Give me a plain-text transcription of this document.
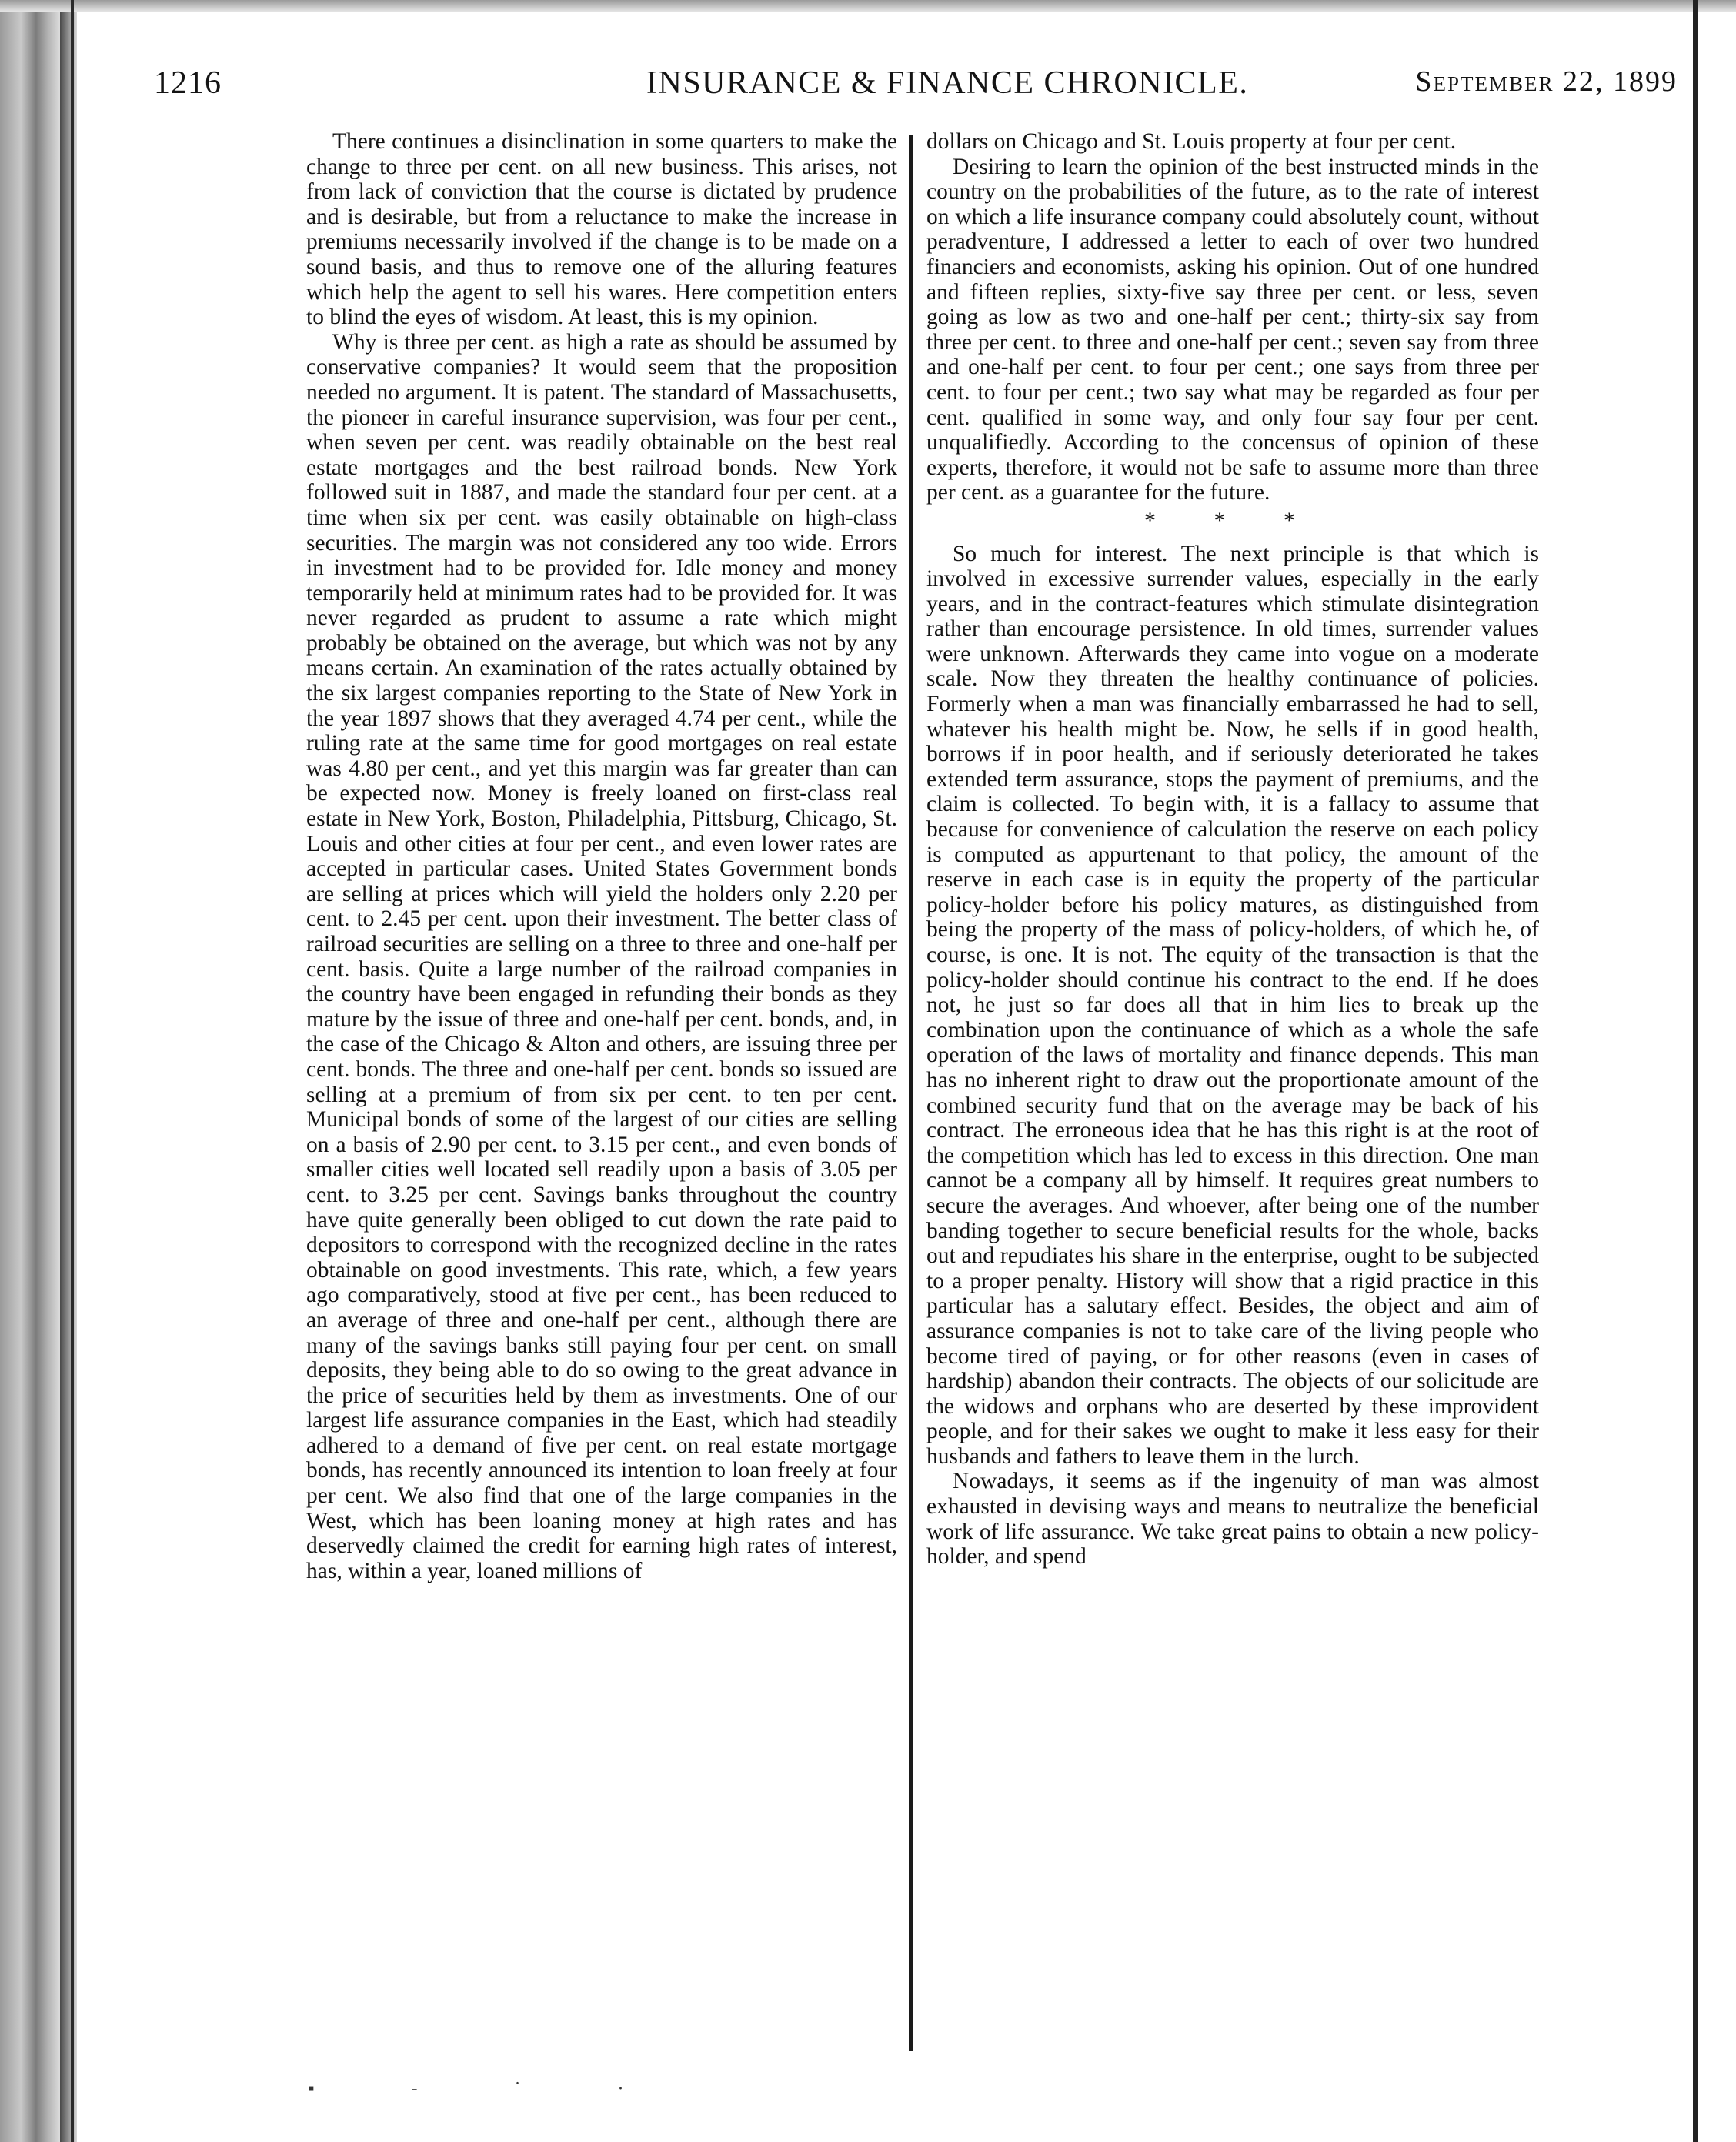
1216	INSURANCE & FINANCE CHRONICLE.	September 22, 1899

There continues a disinclination in some quarters to make the change to three per cent. on all new business. This arises, not from lack of conviction that the course is dictated by prudence and is desirable, but from a reluctance to make the increase in premiums necessarily involved if the change is to be made on a sound basis, and thus to remove one of the alluring features which help the agent to sell his wares. Here competition enters to blind the eyes of wisdom. At least, this is my opinion.

Why is three per cent. as high a rate as should be assumed by conservative companies? It would seem that the proposition needed no argument. It is patent. The standard of Massachusetts, the pioneer in careful insurance supervision, was four per cent., when seven per cent. was readily obtainable on the best real estate mortgages and the best railroad bonds. New York followed suit in 1887, and made the standard four per cent. at a time when six per cent. was easily obtainable on high-class securities. The margin was not considered any too wide. Errors in investment had to be provided for. Idle money and money temporarily held at minimum rates had to be provided for. It was never regarded as prudent to assume a rate which might probably be obtained on the average, but which was not by any means certain. An examination of the rates actually obtained by the six largest companies reporting to the State of New York in the year 1897 shows that they averaged 4.74 per cent., while the ruling rate at the same time for good mortgages on real estate was 4.80 per cent., and yet this margin was far greater than can be expected now. Money is freely loaned on first-class real estate in New York, Boston, Philadelphia, Pittsburg, Chicago, St. Louis and other cities at four per cent., and even lower rates are accepted in particular cases. United States Government bonds are selling at prices which will yield the holders only 2.20 per cent. to 2.45 per cent. upon their investment. The better class of railroad securities are selling on a three to three and one-half per cent. basis. Quite a large number of the railroad companies in the country have been engaged in refunding their bonds as they mature by the issue of three and one-half per cent. bonds, and, in the case of the Chicago & Alton and others, are issuing three per cent. bonds. The three and one-half per cent. bonds so issued are selling at a premium of from six per cent. to ten per cent. Municipal bonds of some of the largest of our cities are selling on a basis of 2.90 per cent. to 3.15 per cent., and even bonds of smaller cities well located sell readily upon a basis of 3.05 per cent. to 3.25 per cent. Savings banks throughout the country have quite generally been obliged to cut down the rate paid to depositors to correspond with the recognized decline in the rates obtainable on good investments. This rate, which, a few years ago comparatively, stood at five per cent., has been reduced to an average of three and one-half per cent., although there are many of the savings banks still paying four per cent. on small deposits, they being able to do so owing to the great advance in the price of securities held by them as investments. One of our largest life assurance companies in the East, which had steadily adhered to a demand of five per cent. on real estate mortgage bonds, has recently announced its intention to loan freely at four per cent. We also find that one of the large companies in the West, which has been loaning money at high rates and has deservedly claimed the credit for earning high rates of interest, has, within a year, loaned millions of

dollars on Chicago and St. Louis property at four per cent.

Desiring to learn the opinion of the best instructed minds in the country on the probabilities of the future, as to the rate of interest on which a life insurance company could absolutely count, without peradventure, I addressed a letter to each of over two hundred financiers and economists, asking his opinion. Out of one hundred and fifteen replies, sixty-five say three per cent. or less, seven going as low as two and one-half per cent.; thirty-six say from three per cent. to three and one-half per cent.; seven say from three and one-half per cent. to four per cent.; one says from three per cent. to four per cent.; two say what may be regarded as four per cent. qualified in some way, and only four say four per cent. unqualifiedly. According to the concensus of opinion of these experts, therefore, it would not be safe to assume more than three per cent. as a guarantee for the future.

* * *

So much for interest. The next principle is that which is involved in excessive surrender values, especially in the early years, and in the contract-features which stimulate disintegration rather than encourage persistence. In old times, surrender values were unknown. Afterwards they came into vogue on a moderate scale. Now they threaten the healthy continuance of policies. Formerly when a man was financially embarrassed he had to sell, whatever his health might be. Now, he sells if in good health, borrows if in poor health, and if seriously deteriorated he takes extended term assurance, stops the payment of premiums, and the claim is collected. To begin with, it is a fallacy to assume that because for convenience of calculation the reserve on each policy is computed as appurtenant to that policy, the amount of the reserve in each case is in equity the property of the particular policy-holder before his policy matures, as distinguished from being the property of the mass of policy-holders, of which he, of course, is one. It is not. The equity of the transaction is that the policy-holder should continue his contract to the end. If he does not, he just so far does all that in him lies to break up the combination upon the continuance of which as a whole the safe operation of the laws of mortality and finance depends. This man has no inherent right to draw out the proportionate amount of the combined security fund that on the average may be back of his contract. The erroneous idea that he has this right is at the root of the competition which has led to excess in this direction. One man cannot be a company all by himself. It requires great numbers to secure the averages. And whoever, after being one of the number banding together to secure beneficial results for the whole, backs out and repudiates his share in the enterprise, ought to be subjected to a proper penalty. History will show that a rigid practice in this particular has a salutary effect. Besides, the object and aim of assurance companies is not to take care of the living people who become tired of paying, or for other reasons (even in cases of hardship) abandon their contracts. The objects of our solicitude are the widows and orphans who are deserted by these improvident people, and for their sakes we ought to make it less easy for their husbands and fathers to leave them in the lurch.

Nowadays, it seems as if the ingenuity of man was almost exhausted in devising ways and means to neutralize the beneficial work of life assurance. We take great pains to obtain a new policy-holder, and spend

▪ ‐ ˙ ·
